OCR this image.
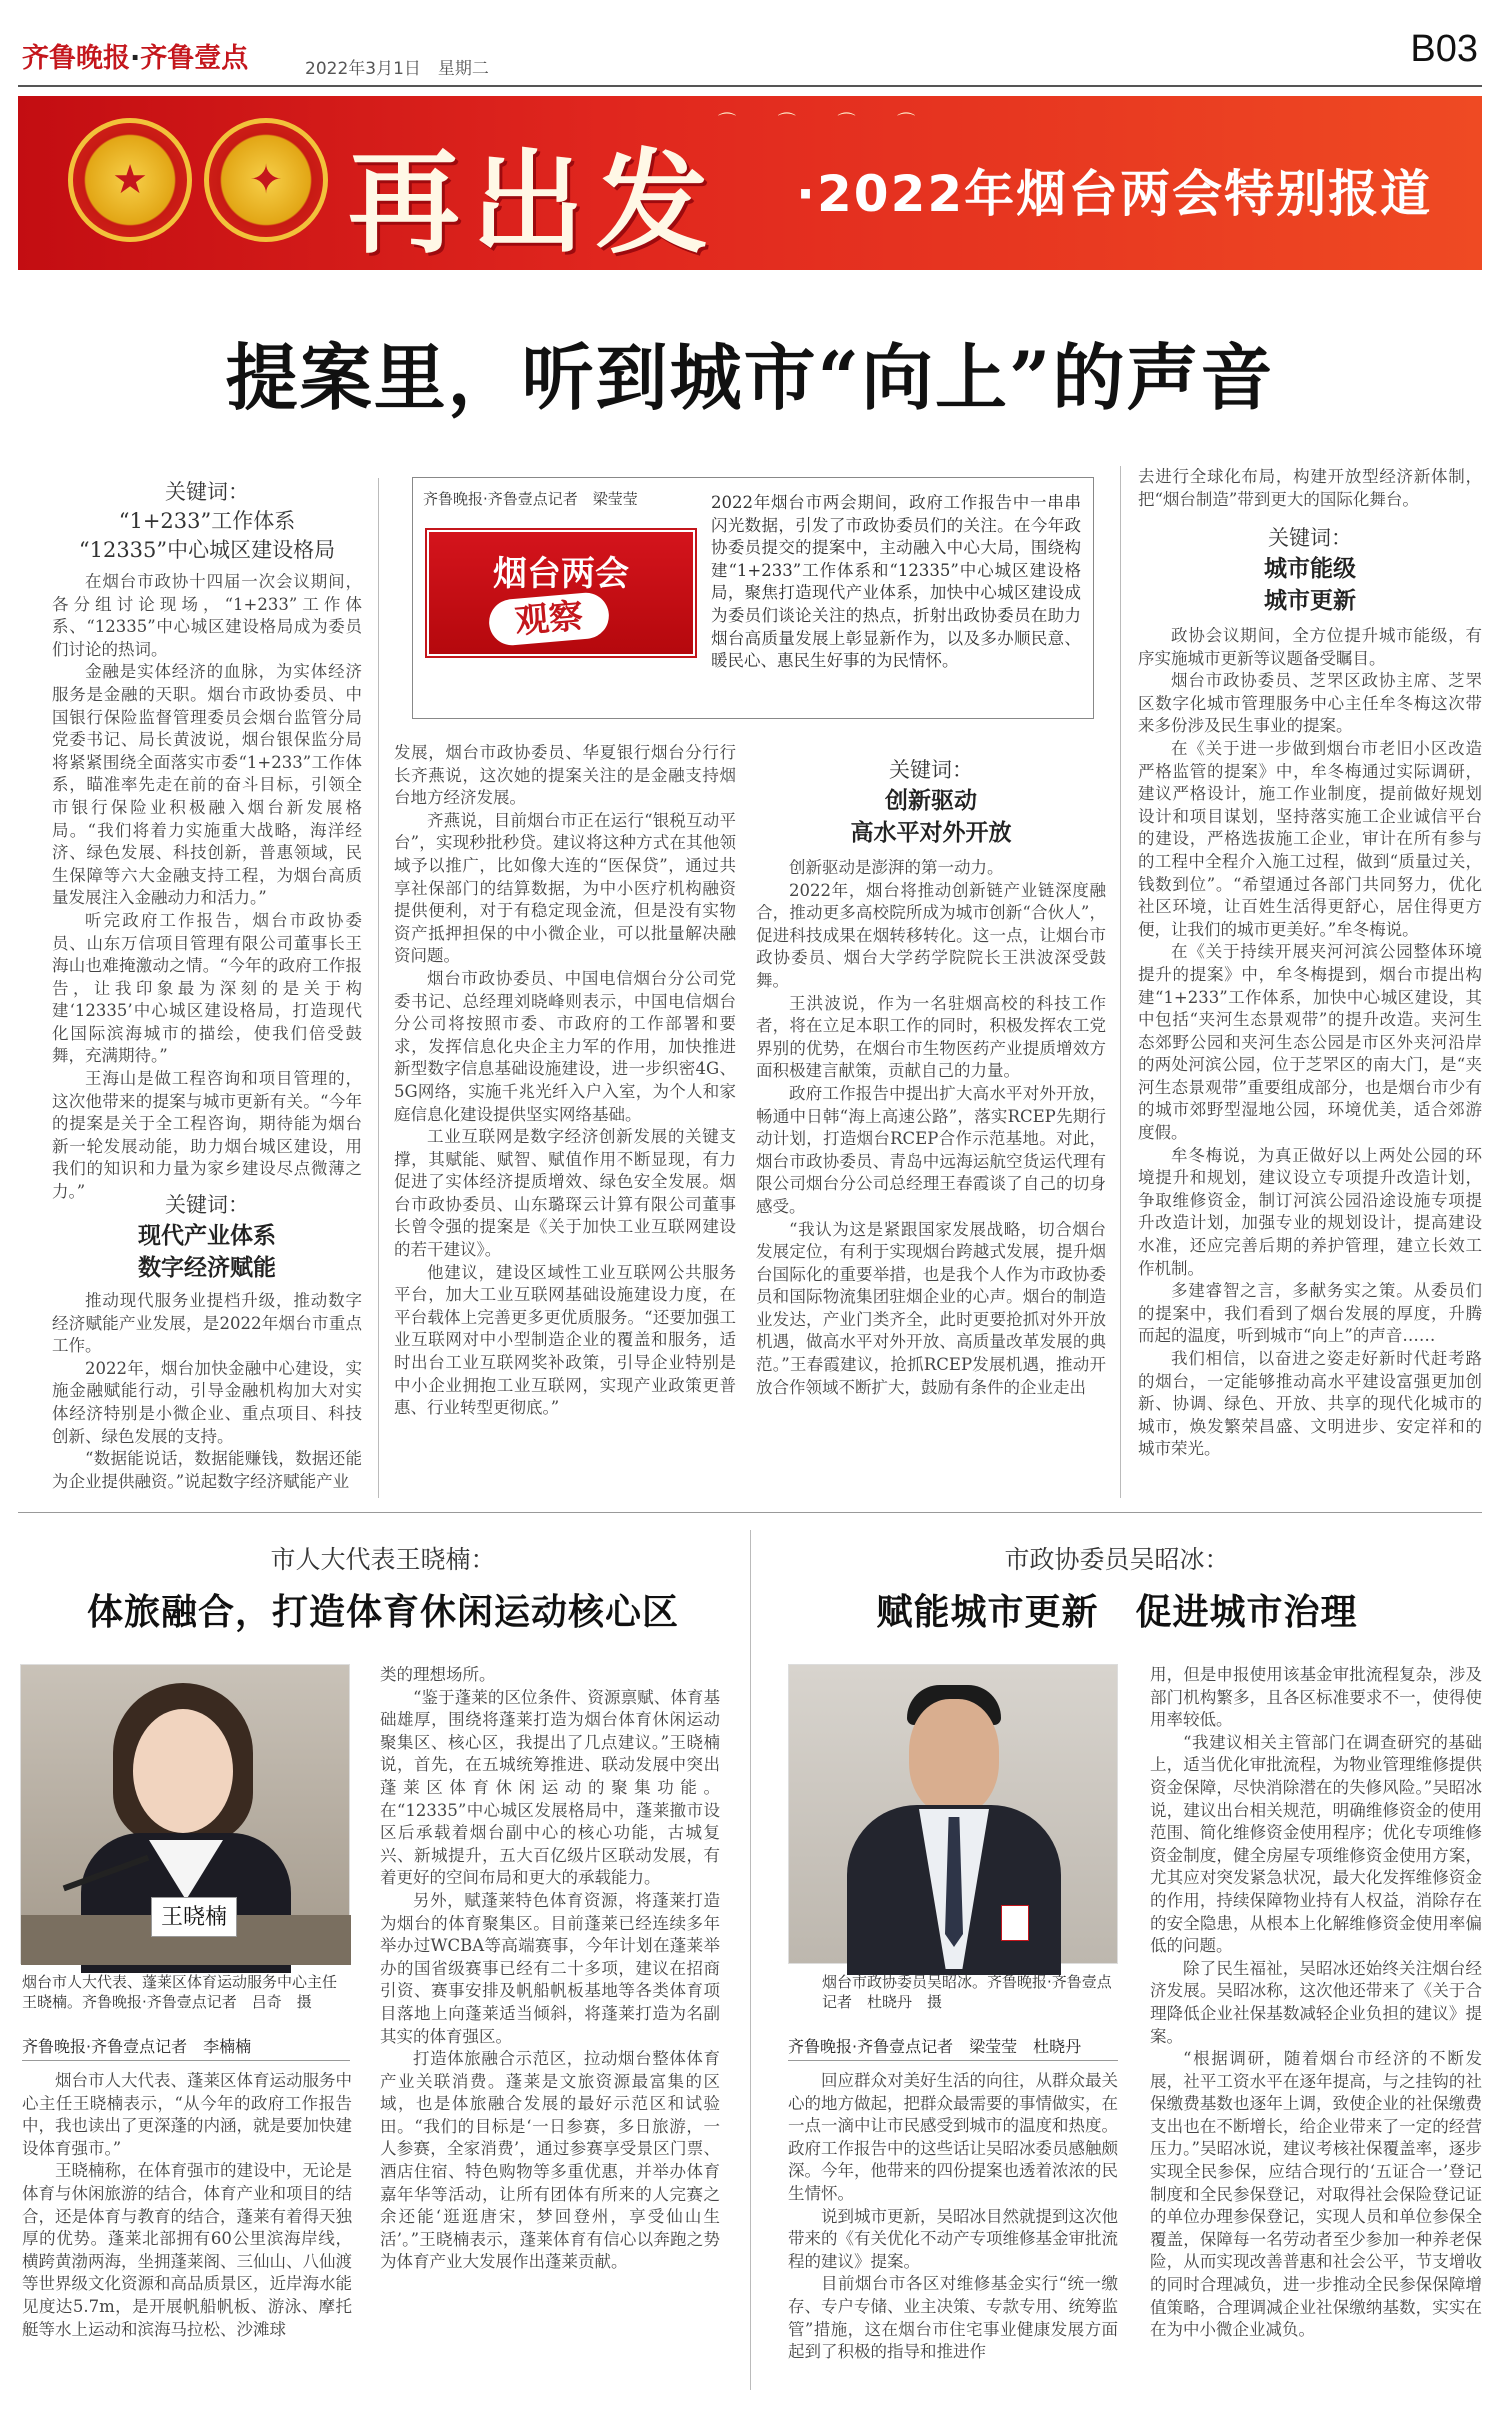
齐鲁晚报·齐鲁壹点	2022年3月1日　星期二	B03
★	✦
⌒ ⌒ ⌒ ⌒
再出发 ·2022年烟台两会特别报道
提案里，听到城市“向上”的声音
关键词：
“1+233”工作体系
“12335”中心城区建设格局

在烟台市政协十四届一次会议期间，各分组讨论现场，“1+233”工作体系、“12335”中心城区建设格局成为委员们讨论的热词。

金融是实体经济的血脉，为实体经济服务是金融的天职。烟台市政协委员、中国银行保险监督管理委员会烟台监管分局党委书记、局长黄波说，烟台银保监分局将紧紧围绕全面落实市委“1+233”工作体系，瞄准率先走在前的奋斗目标，引领全市银行保险业积极融入烟台新发展格局。“我们将着力实施重大战略，海洋经济、绿色发展、科技创新，普惠领域，民生保障等六大金融支持工程，为烟台高质量发展注入金融动力和活力。”

听完政府工作报告，烟台市政协委员、山东万信项目管理有限公司董事长王海山也难掩激动之情。“今年的政府工作报告，让我印象最为深刻的是关于构建‘12335’中心城区建设格局，打造现代化国际滨海城市的描绘，使我们倍受鼓舞，充满期待。”

王海山是做工程咨询和项目管理的，这次他带来的提案与城市更新有关。“今年的提案是关于全工程咨询，期待能为烟台新一轮发展动能，助力烟台城区建设，用我们的知识和力量为家乡建设尽点微薄之力。”

关键词：
现代产业体系
数字经济赋能

推动现代服务业提档升级，推动数字经济赋能产业发展，是2022年烟台市重点工作。

2022年，烟台加快金融中心建设，实施金融赋能行动，引导金融机构加大对实体经济特别是小微企业、重点项目、科技创新、绿色发展的支持。

“数据能说话，数据能赚钱，数据还能为企业提供融资。”说起数字经济赋能产业

齐鲁晚报·齐鲁壹点记者　梁莹莹
烟台两会
观察
2022年烟台市两会期间，政府工作报告中一串串闪光数据，引发了市政协委员们的关注。在今年政协委员提交的提案中，主动融入中心大局，围绕构建“1+233”工作体系和“12335”中心城区建设格局，聚焦打造现代产业体系，加快中心城区建设成为委员们谈论关注的热点，折射出政协委员在助力烟台高质量发展上彰显新作为，以及多办顺民意、暖民心、惠民生好事的为民情怀。

发展，烟台市政协委员、华夏银行烟台分行行长齐燕说，这次她的提案关注的是金融支持烟台地方经济发展。

齐燕说，目前烟台市正在运行“银税互动平台”，实现秒批秒贷。建议将这种方式在其他领域予以推广，比如像大连的“医保贷”，通过共享社保部门的结算数据，为中小医疗机构融资提供便利，对于有稳定现金流，但是没有实物资产抵押担保的中小微企业，可以批量解决融资问题。

烟台市政协委员、中国电信烟台分公司党委书记、总经理刘晓峰则表示，中国电信烟台分公司将按照市委、市政府的工作部署和要求，发挥信息化央企主力军的作用，加快推进新型数字信息基础设施建设，进一步织密4G、5G网络，实施千兆光纤入户入室，为个人和家庭信息化建设提供坚实网络基础。

工业互联网是数字经济创新发展的关键支撑，其赋能、赋智、赋值作用不断显现，有力促进了实体经济提质增效、绿色安全发展。烟台市政协委员、山东璐琛云计算有限公司董事长曾令强的提案是《关于加快工业互联网建设的若干建议》。

他建议，建设区域性工业互联网公共服务平台，加大工业互联网基础设施建设力度，在平台载体上完善更多更优质服务。“还要加强工业互联网对中小型制造企业的覆盖和服务，适时出台工业互联网奖补政策，引导企业特别是中小企业拥抱工业互联网，实现产业政策更普惠、行业转型更彻底。”

关键词：
创新驱动
高水平对外开放

创新驱动是澎湃的第一动力。

2022年，烟台将推动创新链产业链深度融合，推动更多高校院所成为城市创新“合伙人”，促进科技成果在烟转移转化。这一点，让烟台市政协委员、烟台大学药学院院长王洪波深受鼓舞。

王洪波说，作为一名驻烟高校的科技工作者，将在立足本职工作的同时，积极发挥农工党界别的优势，在烟台市生物医药产业提质增效方面积极建言献策，贡献自己的力量。

政府工作报告中提出扩大高水平对外开放，畅通中日韩“海上高速公路”，落实RCEP先期行动计划，打造烟台RCEP合作示范基地。对此，烟台市政协委员、青岛中远海运航空货运代理有限公司烟台分公司总经理王春霞谈了自己的切身感受。

“我认为这是紧跟国家发展战略，切合烟台发展定位，有利于实现烟台跨越式发展，提升烟台国际化的重要举措，也是我个人作为市政协委员和国际物流集团驻烟企业的心声。烟台的制造业发达，产业门类齐全，此时更要抢抓对外开放机遇，做高水平对外开放、高质量改革发展的典范。”王春霞建议，抢抓RCEP发展机遇，推动开放合作领域不断扩大，鼓励有条件的企业走出

去进行全球化布局，构建开放型经济新体制，把“烟台制造”带到更大的国际化舞台。

关键词：
城市能级
城市更新

政协会议期间，全方位提升城市能级，有序实施城市更新等议题备受瞩目。

烟台市政协委员、芝罘区政协主席、芝罘区数字化城市管理服务中心主任牟冬梅这次带来多份涉及民生事业的提案。

在《关于进一步做到烟台市老旧小区改造严格监管的提案》中，牟冬梅通过实际调研，建议严格设计，施工作业制度，提前做好规划设计和项目谋划，坚持落实施工企业诚信平台的建设，严格选拔施工企业，审计在所有参与的工程中全程介入施工过程，做到“质量过关，钱数到位”。“希望通过各部门共同努力，优化社区环境，让百姓生活得更舒心，居住得更方便，让我们的城市更美好。”牟冬梅说。

在《关于持续开展夹河河滨公园整体环境提升的提案》中，牟冬梅提到，烟台市提出构建“1+233”工作体系，加快中心城区建设，其中包括“夹河生态景观带”的提升改造。夹河生态郊野公园和夹河生态公园是市区外夹河沿岸的两处河滨公园，位于芝罘区的南大门，是“夹河生态景观带”重要组成部分，也是烟台市少有的城市郊野型湿地公园，环境优美，适合郊游度假。

牟冬梅说，为真正做好以上两处公园的环境提升和规划，建议设立专项提升改造计划，争取维修资金，制订河滨公园沿途设施专项提升改造计划，加强专业的规划设计，提高建设水准，还应完善后期的养护管理，建立长效工作机制。

多建睿智之言，多献务实之策。从委员们的提案中，我们看到了烟台发展的厚度，升腾而起的温度，听到城市“向上”的声音……

我们相信，以奋进之姿走好新时代赶考路的烟台，一定能够推动高水平建设富强更加创新、协调、绿色、开放、共享的现代化城市的城市，焕发繁荣昌盛、文明进步、安定祥和的城市荣光。

市人大代表王晓楠：
体旅融合，打造体育休闲运动核心区
王晓楠
烟台市人大代表、蓬莱区体育运动服务中心主任王晓楠。齐鲁晚报·齐鲁壹点记者　吕奇　摄
齐鲁晚报·齐鲁壹点记者　李楠楠

烟台市人大代表、蓬莱区体育运动服务中心主任王晓楠表示，“从今年的政府工作报告中，我也读出了更深蓬的内涵，就是要加快建设体育强市。”

王晓楠称，在体育强市的建设中，无论是体育与休闲旅游的结合，体育产业和项目的结合，还是体育与教育的结合，蓬莱有着得天独厚的优势。蓬莱北部拥有60公里滨海岸线，横跨黄渤两海，坐拥蓬莱阁、三仙山、八仙渡等世界级文化资源和高品质景区，近岸海水能见度达5.7m，是开展帆船帆板、游泳、摩托艇等水上运动和滨海马拉松、沙滩球

类的理想场所。

“鉴于蓬莱的区位条件、资源禀赋、体育基础雄厚，围绕将蓬莱打造为烟台体育休闲运动聚集区、核心区，我提出了几点建议。”王晓楠说，首先，在五城统筹推进、联动发展中突出蓬莱区体育休闲运动的聚集功能。在“12335”中心城区发展格局中，蓬莱撤市设区后承载着烟台副中心的核心功能，古城复兴、新城提升，五大百亿级片区联动发展，有着更好的空间布局和更大的承载能力。

另外，赋蓬莱特色体育资源，将蓬莱打造为烟台的体育聚集区。目前蓬莱已经连续多年举办过WCBA等高端赛事，今年计划在蓬莱举办的国省级赛事已经有二十多项，建议在招商引资、赛事安排及帆船帆板基地等各类体育项目落地上向蓬莱适当倾斜，将蓬莱打造为名副其实的体育强区。

打造体旅融合示范区，拉动烟台整体体育产业关联消费。蓬莱是文旅资源最富集的区域，也是体旅融合发展的最好示范区和试验田。“我们的目标是‘一日参赛，多日旅游，一人参赛，全家消费’，通过参赛享受景区门票、酒店住宿、特色购物等多重优惠，并举办体育嘉年华等活动，让所有团体有所来的人完赛之余还能‘逛逛唐宋，梦回登州，享受仙山生活’。”王晓楠表示，蓬莱体育有信心以奔跑之势为体育产业大发展作出蓬莱贡献。

市政协委员吴昭冰：
赋能城市更新　促进城市治理
烟台市政协委员吴昭冰。齐鲁晚报·齐鲁壹点记者　杜晓丹　摄
齐鲁晚报·齐鲁壹点记者　梁莹莹　杜晓丹

回应群众对美好生活的向往，从群众最关心的地方做起，把群众最需要的事情做实，在一点一滴中让市民感受到城市的温度和热度。政府工作报告中的这些话让吴昭冰委员感触颇深。今年，他带来的四份提案也透着浓浓的民生情怀。

说到城市更新，吴昭冰目然就提到这次他带来的《有关优化不动产专项维修基金审批流程的建议》提案。

目前烟台市各区对维修基金实行“统一缴存、专户专储、业主决策、专款专用、统筹监管”措施，这在烟台市住宅事业健康发展方面起到了积极的指导和推进作

用，但是申报使用该基金审批流程复杂，涉及部门机构繁多，且各区标准要求不一，使得使用率较低。

“我建议相关主管部门在调查研究的基础上，适当优化审批流程，为物业管理维修提供资金保障，尽快消除潜在的失修风险。”吴昭冰说，建议出台相关规范，明确维修资金的使用范围、简化维修资金使用程序；优化专项维修资金制度，健全房屋专项维修资金使用方案，尤其应对突发紧急状况，最大化发挥维修资金的作用，持续保障物业持有人权益，消除存在的安全隐患，从根本上化解维修资金使用率偏低的问题。

除了民生福祉，吴昭冰还始终关注烟台经济发展。吴昭冰称，这次他还带来了《关于合理降低企业社保基数减轻企业负担的建议》提案。

“根据调研，随着烟台市经济的不断发展，社平工资水平在逐年提高，与之挂钩的社保缴费基数也逐年上调，致使企业的社保缴费支出也在不断增长，给企业带来了一定的经营压力。”吴昭冰说，建议考核社保覆盖率，逐步实现全民参保，应结合现行的‘五证合一’登记制度和全民参保登记，对取得社会保险登记证的单位办理参保登记，实现人员和单位参保全覆盖，保障每一名劳动者至少参加一种养老保险，从而实现改善普惠和社会公平，节支增收的同时合理减负，进一步推动全民参保保障增值策略，合理调减企业社保缴纳基数，实实在在为中小微企业减负。
